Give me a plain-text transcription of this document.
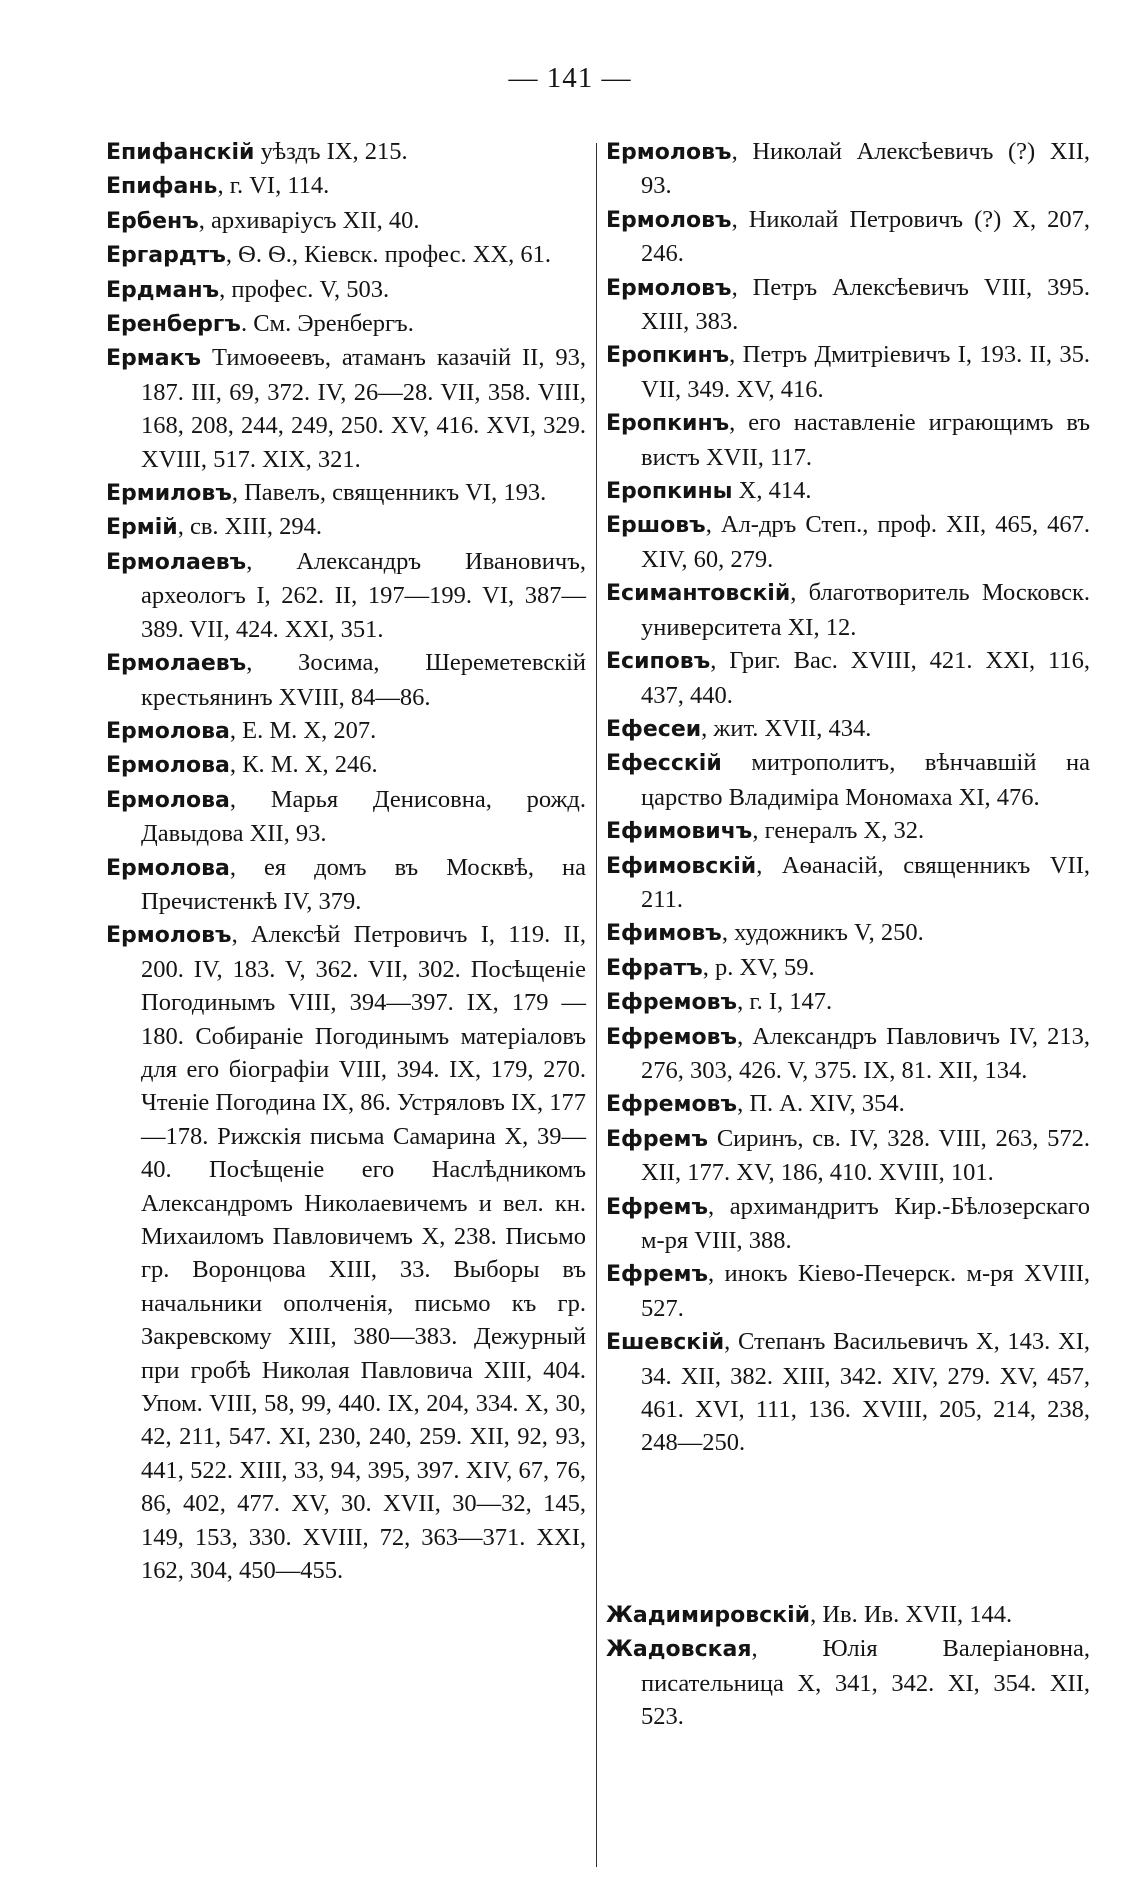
— 141 —
Епифанскій уѣздъ IX, 215.
Епифань, г. VI, 114.
Ербенъ, архиваріусъ XII, 40.
Ергардтъ, Ѳ. Ѳ., Кіевск. профес. XX, 61.
Ердманъ, профес. V, 503.
Еренбергъ. См. Эренбергъ.
Ермакъ Тимоѳеевъ, атаманъ казачій II, 93, 187. III, 69, 372. IV, 26—28. VII, 358. VIII, 168, 208, 244, 249, 250. XV, 416. XVI, 329. XVIII, 517. XIX, 321.
Ермиловъ, Павелъ, священникъ VI, 193.
Ермій, св. XIII, 294.
Ермолаевъ, Александръ Ивановичъ, археологъ I, 262. II, 197—199. VI, 387—389. VII, 424. XXI, 351.
Ермолаевъ, Зосима, Шереметевскій крестьянинъ XVIII, 84—86.
Ермолова, Е. М. X, 207.
Ермолова, К. М. X, 246.
Ермолова, Марья Денисовна, рожд. Давыдова XII, 93.
Ермолова, ея домъ въ Москвѣ, на Пречистенкѣ IV, 379.
Ермоловъ, Алексѣй Петровичъ I, 119. II, 200. IV, 183. V, 362. VII, 302. Посѣщеніе Погодинымъ VIII, 394—397. IX, 179 — 180. Собираніе Погодинымъ матеріаловъ для его біографіи VIII, 394. IX, 179, 270. Чтеніе Погодина IX, 86. Устряловъ IX, 177—178. Рижскія письма Самарина X, 39—40. Посѣщеніе его Наслѣдникомъ Александромъ Николаевичемъ и вел. кн. Михаиломъ Павловичемъ X, 238. Письмо гр. Воронцова XIII, 33. Выборы въ начальники ополченія, письмо къ гр. Закревскому XIII, 380—383. Дежурный при гробѣ Николая Павловича XIII, 404. Упом. VIII, 58, 99, 440. IX, 204, 334. X, 30, 42, 211, 547. XI, 230, 240, 259. XII, 92, 93, 441, 522. XIII, 33, 94, 395, 397. XIV, 67, 76, 86, 402, 477. XV, 30. XVII, 30—32, 145, 149, 153, 330. XVIII, 72, 363—371. XXI, 162, 304, 450—455.
Ермоловъ, Николай Алексѣевичъ (?) XII, 93.
Ермоловъ, Николай Петровичъ (?) X, 207, 246.
Ермоловъ, Петръ Алексѣевичъ VIII, 395. XIII, 383.
Еропкинъ, Петръ Дмитріевичъ I, 193. II, 35. VII, 349. XV, 416.
Еропкинъ, его наставленіе играющимъ въ вистъ XVII, 117.
Еропкины X, 414.
Ершовъ, Ал-дръ Степ., проф. XII, 465, 467. XIV, 60, 279.
Есимантовскій, благотворитель Московск. университета XI, 12.
Есиповъ, Григ. Вас. XVIII, 421. XXI, 116, 437, 440.
Ефесеи, жит. XVII, 434.
Ефесскій митрополитъ, вѣнчавшій на царство Владиміра Мономаха XI, 476.
Ефимовичъ, генералъ X, 32.
Ефимовскій, Аѳанасій, священникъ VII, 211.
Ефимовъ, художникъ V, 250.
Ефратъ, р. XV, 59.
Ефремовъ, г. I, 147.
Ефремовъ, Александръ Павловичъ IV, 213, 276, 303, 426. V, 375. IX, 81. XII, 134.
Ефремовъ, П. А. XIV, 354.
Ефремъ Сиринъ, св. IV, 328. VIII, 263, 572. XII, 177. XV, 186, 410. XVIII, 101.
Ефремъ, архимандритъ Кир.-Бѣлозерскаго м-ря VIII, 388.
Ефремъ, инокъ Кіево-Печерск. м-ря XVIII, 527.
Ешевскій, Степанъ Васильевичъ X, 143. XI, 34. XII, 382. XIII, 342. XIV, 279. XV, 457, 461. XVI, 111, 136. XVIII, 205, 214, 238, 248—250.
Жадимировскій, Ив. Ив. XVII, 144.
Жадовская, Юлія Валеріановна, писательница X, 341, 342. XI, 354. XII, 523.
